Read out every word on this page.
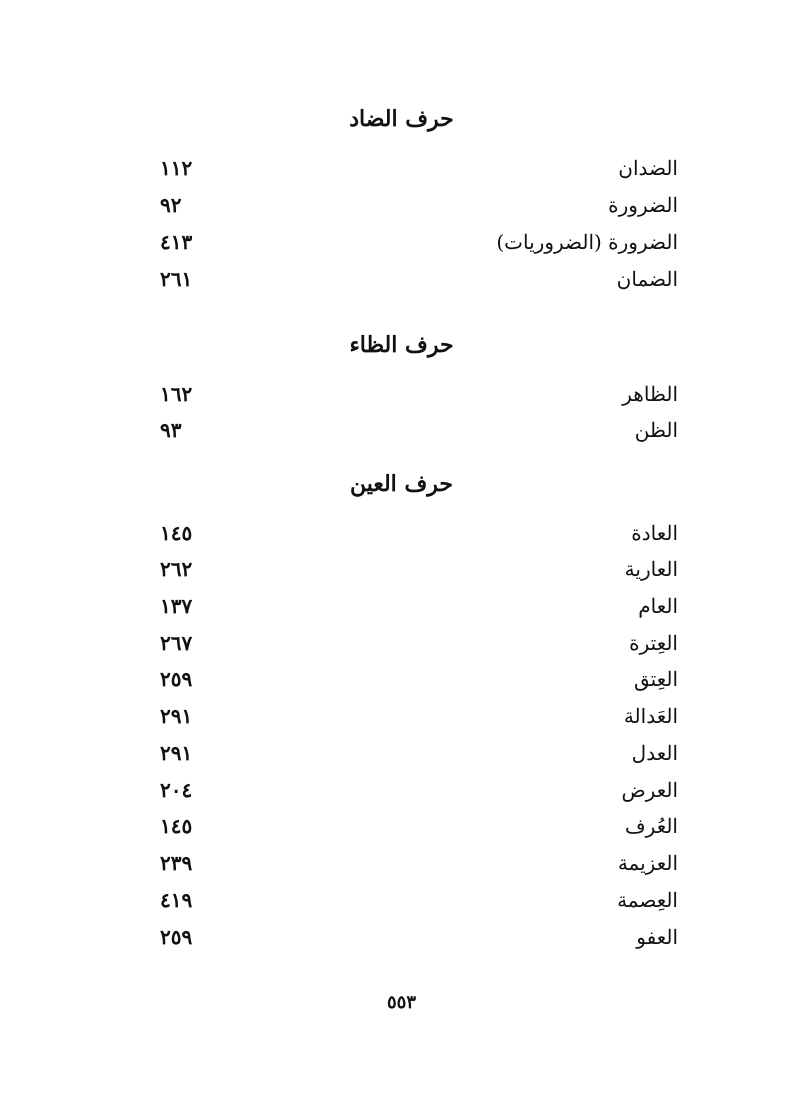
حرف الضاد
الضدان
١١٢
الضرورة
٩٢
الضرورة (الضروريات)
٤١٣
الضمان
٢٦١
حرف الظاء
الظاهر
١٦٢
الظن
٩٣
حرف العين
العادة
١٤٥
العارية
٢٦٢
العام
١٣٧
العِترة
٢٦٧
العِتق
٢٥٩
العَدالة
٢٩١
العدل
٢٩١
العرض
٢٠٤
العُرف
١٤٥
العزيمة
٢٣٩
العِصمة
٤١٩
العفو
٢٥٩
٥٥٣
